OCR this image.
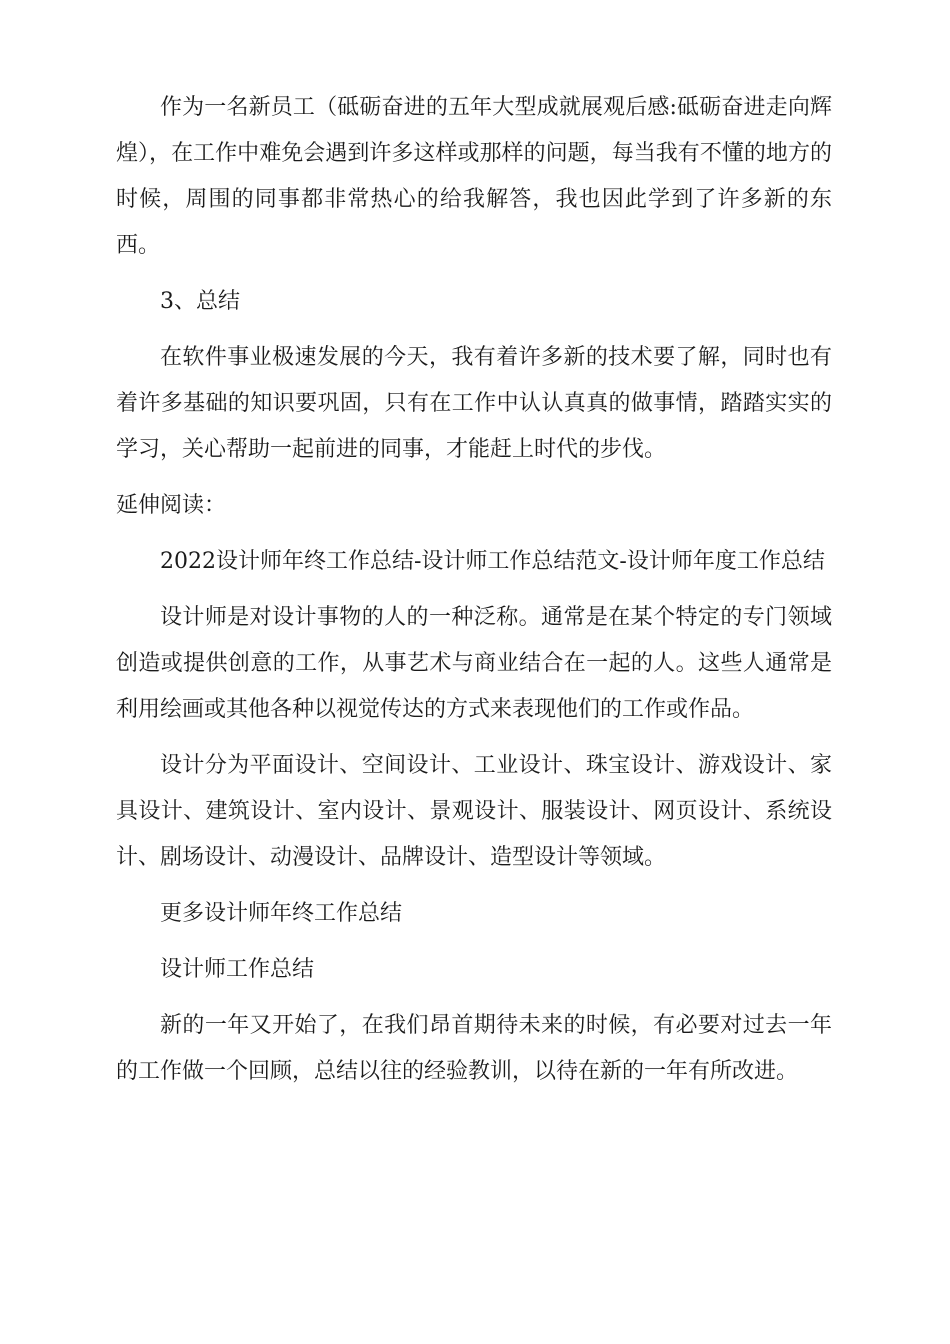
作为一名新员工（砥砺奋进的五年大型成就展观后感:砥砺奋进走向辉煌），在工作中难免会遇到许多这样或那样的问题，每当我有不懂的地方的时候，周围的同事都非常热心的给我解答，我也因此学到了许多新的东西。

3、总结

在软件事业极速发展的今天，我有着许多新的技术要了解，同时也有着许多基础的知识要巩固，只有在工作中认认真真的做事情，踏踏实实的学习，关心帮助一起前进的同事，才能赶上时代的步伐。

延伸阅读：

2022设计师年终工作总结-设计师工作总结范文-设计师年度工作总结

设计师是对设计事物的人的一种泛称。通常是在某个特定的专门领域创造或提供创意的工作，从事艺术与商业结合在一起的人。这些人通常是利用绘画或其他各种以视觉传达的方式来表现他们的工作或作品。

设计分为平面设计、空间设计、工业设计、珠宝设计、游戏设计、家具设计、建筑设计、室内设计、景观设计、服装设计、网页设计、系统设计、剧场设计、动漫设计、品牌设计、造型设计等领域。

更多设计师年终工作总结

设计师工作总结

新的一年又开始了，在我们昂首期待未来的时候，有必要对过去一年的工作做一个回顾，总结以往的经验教训，以待在新的一年有所改进。
